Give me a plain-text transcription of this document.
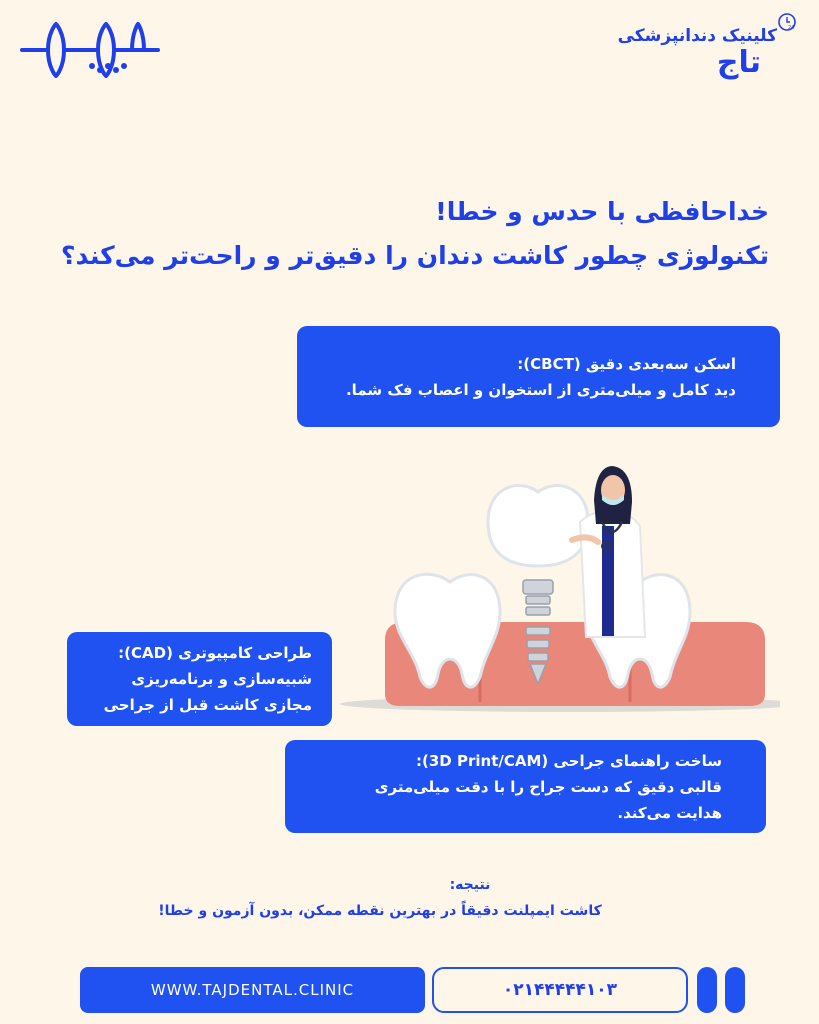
کلینیک دندانپزشکی
تاج
24
خداحافظی با حدس و خطا!
تکنولوژی چطور کاشت دندان را دقیق‌تر و راحت‌تر می‌کند؟
اسکن سه‌بعدی دقیق (CBCT):
دید کامل و میلی‌متری از استخوان و اعصاب فک شما.
طراحی کامپیوتری (CAD):
شبیه‌سازی و برنامه‌ریزی مجازی کاشت قبل از جراحی
ساخت راهنمای جراحی (3D Print/CAM):
قالبی دقیق که دست جراح را با دقت میلی‌متری هدایت می‌کند.
نتیجه:
کاشت ایمپلنت دقیقاً در بهترین نقطه ممکن، بدون آزمون و خطا!
WWW.TAJDENTAL.CLINIC	۰۲۱۴۴۴۴۴۱۰۳
